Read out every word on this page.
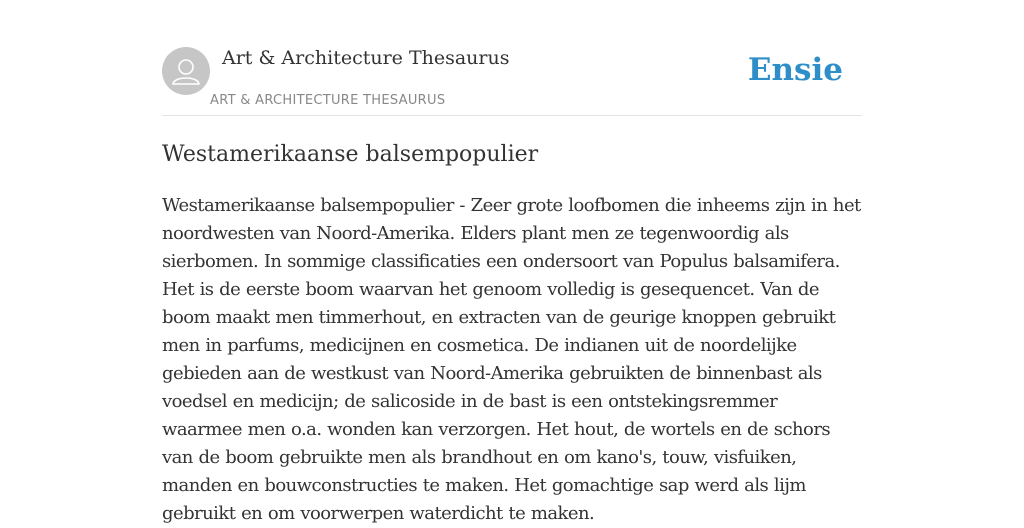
Art & Architecture Thesaurus
ART & ARCHITECTURE THESAURUS
Ensie
Westamerikaanse balsempopulier

Westamerikaanse balsempopulier - Zeer grote loofbomen die inheems zijn in het noordwesten van Noord-Amerika. Elders plant men ze tegenwoordig als sierbomen. In sommige classificaties een ondersoort van Populus balsamifera. Het is de eerste boom waarvan het genoom volledig is gesequencet. Van de boom maakt men timmerhout, en extracten van de geurige knoppen gebruikt men in parfums, medicijnen en cosmetica. De indianen uit de noordelijke gebieden aan de westkust van Noord-Amerika gebruikten de binnenbast als voedsel en medicijn; de salicoside in de bast is een ontstekingsremmer waarmee men o.a. wonden kan verzorgen. Het hout, de wortels en de schors van de boom gebruikte men als brandhout en om kano's, touw, visfuiken, manden en bouwconstructies te maken. Het gomachtige sap werd als lijm gebruikt en om voorwerpen waterdicht te maken.
